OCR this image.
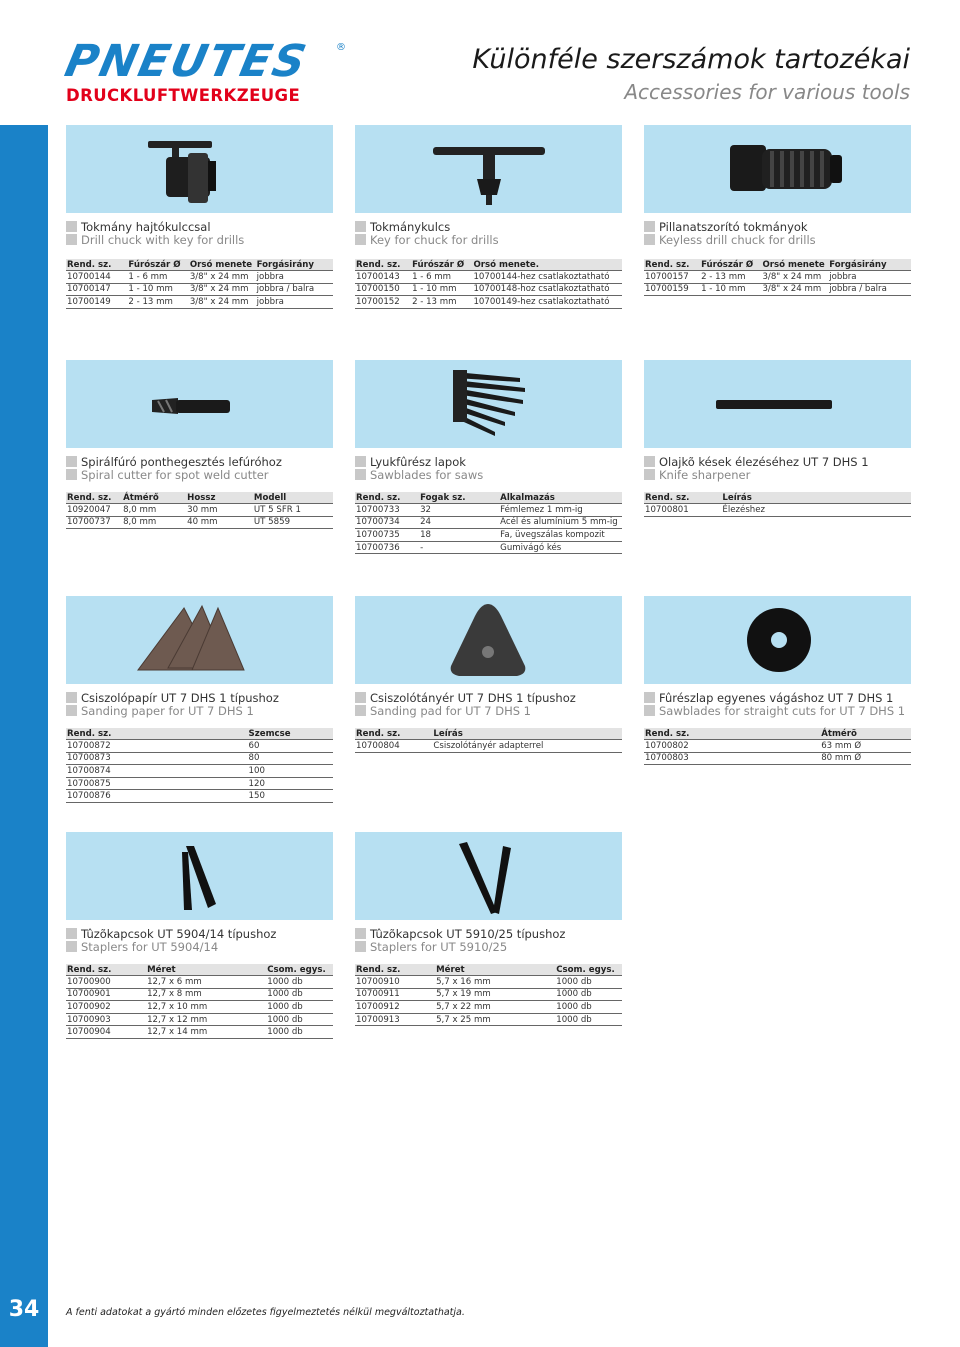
34
PNEUTES ®
DRUCKLUFTWERKZEUGE
Különféle szerszámok tartozékai
Accessories for various tools
Tokmány hajtókulccsal
Drill chuck with key for drills
Rend. sz.	Fúrószár Ø	Orsó menete	Forgásirány
10700144	1 - 6 mm	3/8" x 24 mm	jobbra
10700147	1 - 10 mm	3/8" x 24 mm	jobbra / balra
10700149	2 - 13 mm	3/8" x 24 mm	jobbra
Tokmánykulcs
Key for chuck for drills
Rend. sz.	Fúrószár Ø	Orsó menete.
10700143	1 - 6 mm	10700144-hez csatlakoztatható
10700150	1 - 10 mm	10700148-hoz csatlakoztatható
10700152	2 - 13 mm	10700149-hez csatlakoztatható
Pillanatszorító tokmányok
Keyless drill chuck for drills
Rend. sz.	Fúrószár Ø	Orsó menete	Forgásirány
10700157	2 - 13 mm	3/8" x 24 mm	jobbra
10700159	1 - 10 mm	3/8" x 24 mm	jobbra / balra
Spirálfúró ponthegesztés lefúróhoz
Spiral cutter for spot weld cutter
Rend. sz.	Átmérő	Hossz	Modell
10920047	8,0 mm	30 mm	UT 5 SFR 1
10700737	8,0 mm	40 mm	UT 5859
Lyukfûrész lapok
Sawblades for saws
Rend. sz.	Fogak sz.	Alkalmazás
10700733	32	Fémlemez 1 mm-ig
10700734	24	Acél és alumínium 5 mm-ig
10700735	18	Fa, üvegszálas kompozit
10700736	-	Gumivágó kés
Olajkõ kések élezéséhez UT 7 DHS 1
Knife sharpener
Rend. sz.	Leírás
10700801	Élezéshez
Csiszolópapír UT 7 DHS 1 típushoz
Sanding paper for UT 7 DHS 1
Rend. sz.	Szemcse
10700872	60
10700873	80
10700874	100
10700875	120
10700876	150
Csiszolótányér UT 7 DHS 1 típushoz
Sanding pad for UT 7 DHS 1
Rend. sz.	Leírás
10700804	Csiszolótányér adapterrel
Fûrészlap egyenes vágáshoz UT 7 DHS 1
Sawblades for straight cuts for UT 7 DHS 1
Rend. sz.	Átmérõ
10700802	63 mm Ø
10700803	80 mm Ø
Tûzõkapcsok UT 5904/14 típushoz
Staplers for UT 5904/14
Rend. sz.	Méret	Csom. egys.
10700900	12,7 x 6 mm	1000 db
10700901	12,7 x 8 mm	1000 db
10700902	12,7 x 10 mm	1000 db
10700903	12,7 x 12 mm	1000 db
10700904	12,7 x 14 mm	1000 db
Tûzõkapcsok UT 5910/25 típushoz
Staplers for UT 5910/25
Rend. sz.	Méret	Csom. egys.
10700910	5,7 x 16 mm	1000 db
10700911	5,7 x 19 mm	1000 db
10700912	5,7 x 22 mm	1000 db
10700913	5,7 x 25 mm	1000 db
A fenti adatokat a gyártó minden előzetes figyelmeztetés nélkül megváltoztathatja.
